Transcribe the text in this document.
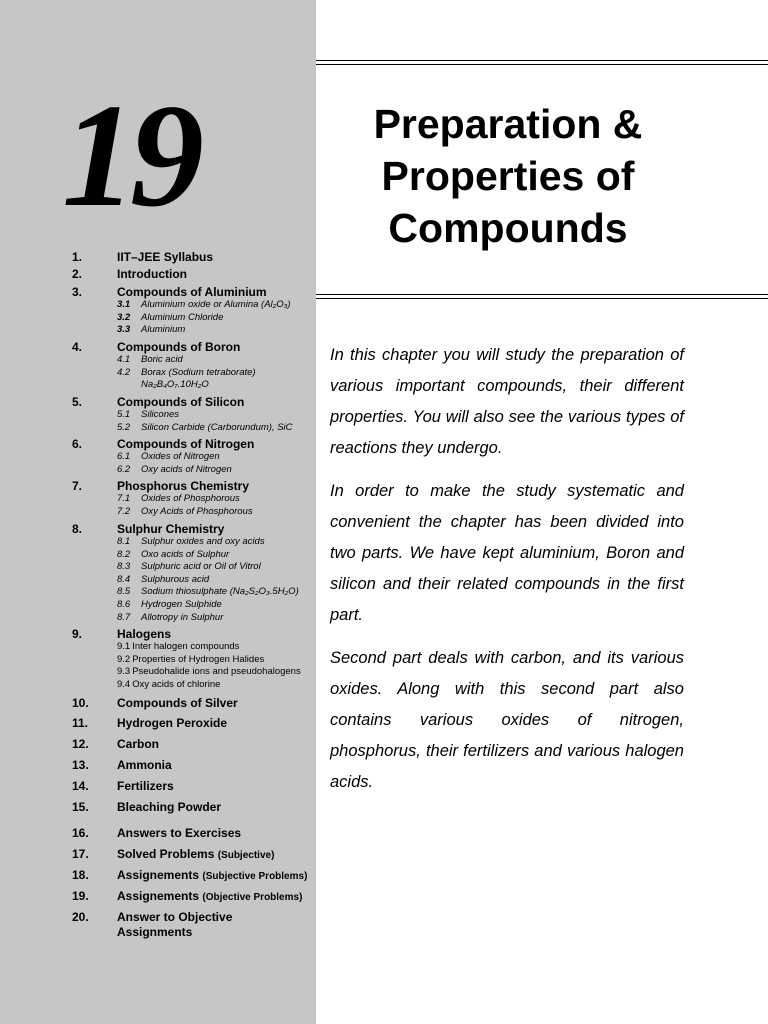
19
1.	IIT–JEE Syllabus
2.	Introduction
3.	Compounds of Aluminium
3.1 Aluminium oxide or Alumina (Al₂O₃)
3.2 Aluminium Chloride
3.3 Aluminium
4.	Compounds of Boron
4.1 Boric acid
4.2 Borax (Sodium tetraborate)
Na₂B₄O₇.10H₂O
5.	Compounds of Silicon
5.1 Silicones
5.2 Silicon Carbide (Carborundum), SiC
6.	Compounds of Nitrogen
6.1 Oxides of Nitrogen
6.2 Oxy acids of Nitrogen
7.	Phosphorus Chemistry
7.1 Oxides of Phosphorous
7.2 Oxy Acids of Phosphorous
8.	Sulphur Chemistry
8.1 Sulphur oxides and oxy acids
8.2 Oxo acids of Sulphur
8.3 Sulphuric acid or Oil of Vitrol
8.4 Sulphurous acid
8.5 Sodium thiosulphate (Na₂S₂O₃.5H₂O)
8.6 Hydrogen Sulphide
8.7 Allotropy in Sulphur
9.	Halogens
9.1 Inter halogen compounds
9.2 Properties of Hydrogen Halides
9.3 Pseudohalide ions and pseudohalogens
9.4 Oxy acids of chlorine
10. Compounds of Silver
11. Hydrogen Peroxide
12. Carbon
13. Ammonia
14. Fertilizers
15. Bleaching Powder
16. Answers to Exercises
17. Solved Problems (Subjective)
18. Assignements (Subjective Problems)
19. Assignements (Objective Problems)
20. Answer to Objective
Assignments
Preparation &
Properties of
Compounds

In this chapter you will study the preparation of various important compounds, their different properties. You will also see the various types of reactions they undergo.

In order to make the study systematic and convenient the chapter has been divided into two parts. We have kept aluminium, Boron and silicon and their related compounds in the first part.

Second part deals with carbon, and its various oxides. Along with this second part also contains various oxides of nitrogen, phosphorus, their fertilizers and various halogen acids.
